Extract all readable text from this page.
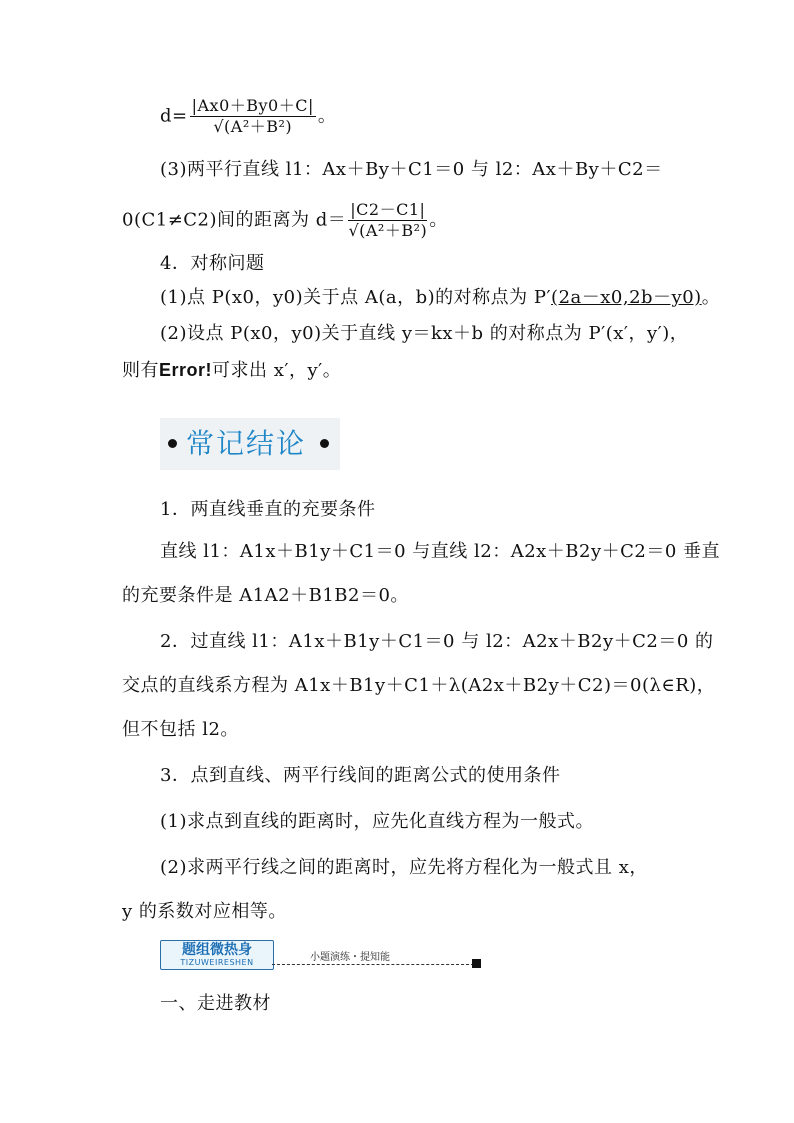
$d= \frac{|Ax0+By0+C|}{\text{√(A²＋B²)}}$ 。
(3)两平行直线 l1：Ax＋By＋C1＝0 与 l2：Ax＋By＋C2＝
0(C1≠C2)间的距离为 $d= \frac{|C2-C1|}{\text{√(A²＋B²)}}$ 。
4．对称问题
(1)点 P(x0，y0)关于点 A(a，b)的对称点为 P′(2a－x0,2b－y0)。
(2)设点 P(x0，y0)关于直线 y＝kx＋b 的对称点为 P′(x′，y′)，
则有Error!可求出 x′，y′。
常记结论
1．两直线垂直的充要条件
直线 l1：A1x＋B1y＋C1＝0 与直线 l2：A2x＋B2y＋C2＝0 垂直
的充要条件是 A1A2＋B1B2＝0。
2．过直线 l1：A1x＋B1y＋C1＝0 与 l2：A2x＋B2y＋C2＝0 的
交点的直线系方程为 A1x＋B1y＋C1＋λ(A2x＋B2y＋C2)＝0(λ∈R)，
但不包括 l2。
3．点到直线、两平行线间的距离公式的使用条件
(1)求点到直线的距离时，应先化直线方程为一般式。
(2)求两平行线之间的距离时，应先将方程化为一般式且 x，
y 的系数对应相等。
题组微热身
TIZUWEIRESHEN	小题演练・提知能
一、走进教材
